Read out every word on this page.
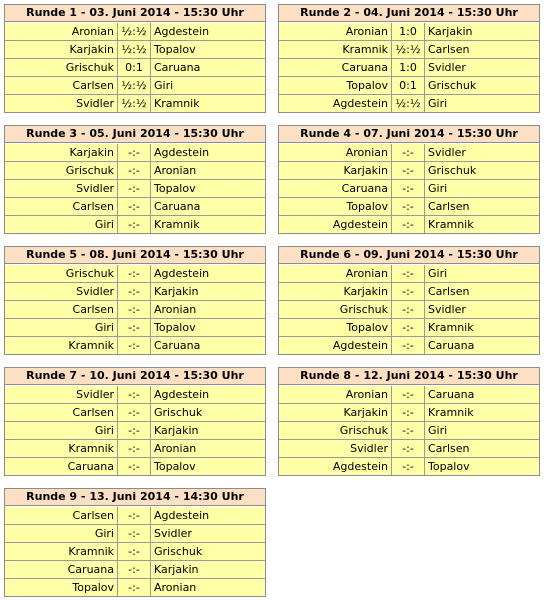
Runde 1 - 03. Juni 2014 - 15:30 Uhr
Aronian ½:½ Agdestein
Karjakin ½:½ Topalov
Grischuk	0:1	Caruana
Carlsen ½:½ Giri
Svidler ½:½ Kramnik
Runde 2 - 04. Juni 2014 - 15:30 Uhr
Aronian	1:0	Karjakin
Kramnik ½:½ Carlsen
Caruana	1:0	Svidler
Topalov	0:1	Grischuk
Agdestein ½:½ Giri
Runde 3 - 05. Juni 2014 - 15:30 Uhr
Karjakin	-:-	Agdestein
Grischuk	-:-	Aronian
Svidler	-:-	Topalov
Carlsen	-:-	Caruana
Giri	-:-	Kramnik
Runde 4 - 07. Juni 2014 - 15:30 Uhr
Aronian	-:-	Svidler
Karjakin	-:-	Grischuk
Caruana	-:-	Giri
Topalov	-:-	Carlsen
Agdestein	-:-	Kramnik
Runde 5 - 08. Juni 2014 - 15:30 Uhr
Grischuk	-:-	Agdestein
Svidler	-:-	Karjakin
Carlsen	-:-	Aronian
Giri	-:-	Topalov
Kramnik	-:-	Caruana
Runde 6 - 09. Juni 2014 - 15:30 Uhr
Aronian	-:-	Giri
Karjakin	-:-	Carlsen
Grischuk	-:-	Svidler
Topalov	-:-	Kramnik
Agdestein	-:-	Caruana
Runde 7 - 10. Juni 2014 - 15:30 Uhr
Svidler	-:-	Agdestein
Carlsen	-:-	Grischuk
Giri	-:-	Karjakin
Kramnik	-:-	Aronian
Caruana	-:-	Topalov
Runde 8 - 12. Juni 2014 - 15:30 Uhr
Aronian	-:-	Caruana
Karjakin	-:-	Kramnik
Grischuk	-:-	Giri
Svidler	-:-	Carlsen
Agdestein	-:-	Topalov
Runde 9 - 13. Juni 2014 - 14:30 Uhr
Carlsen	-:-	Agdestein
Giri	-:-	Svidler
Kramnik	-:-	Grischuk
Caruana	-:-	Karjakin
Topalov	-:-	Aronian
